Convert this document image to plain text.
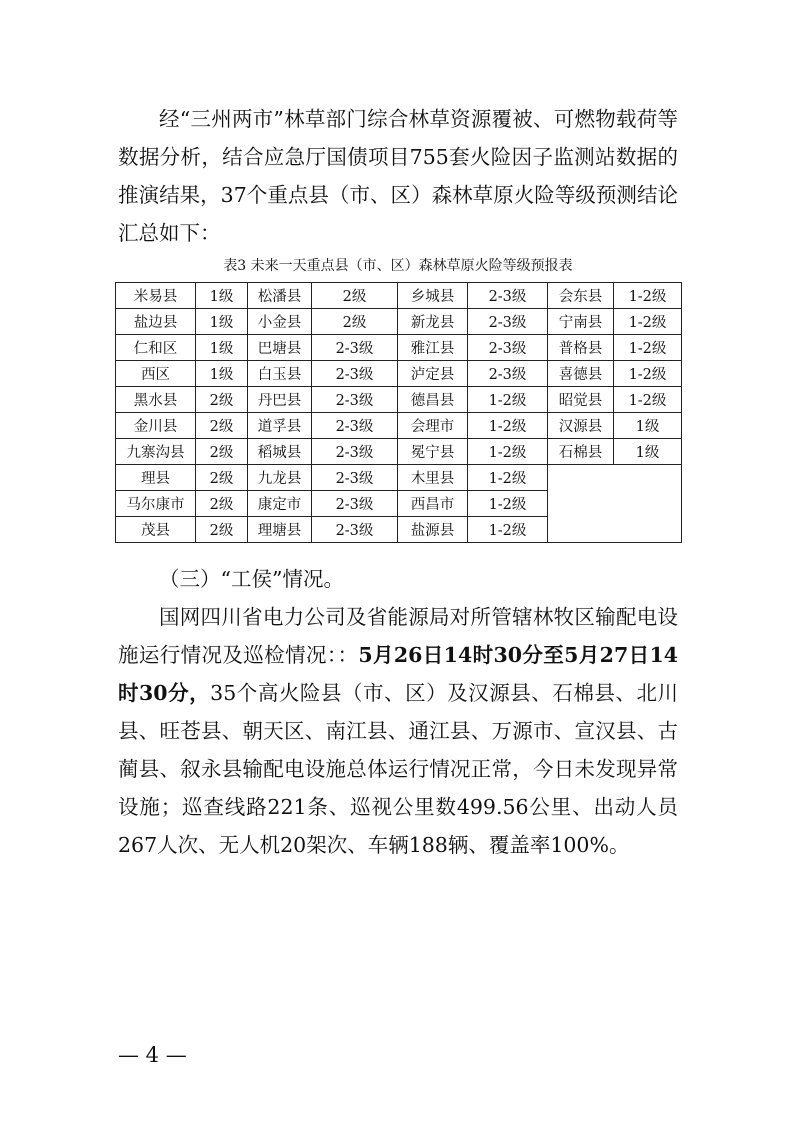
经“三州两市”林草部门综合林草资源覆被、可燃物载荷等数据分析，结合应急厅国债项目755套火险因子监测站数据的推演结果，37个重点县（市、区）森林草原火险等级预测结论汇总如下：
表3 未来一天重点县（市、区）森林草原火险等级预报表
米易县	1级	松潘县	2级	乡城县	2-3级	会东县	1-2级
盐边县	1级	小金县	2级	新龙县	2-3级	宁南县	1-2级
仁和区	1级	巴塘县	2-3级	雅江县	2-3级	普格县	1-2级
西区	1级	白玉县	2-3级	泸定县	2-3级	喜德县	1-2级
黑水县	2级	丹巴县	2-3级	德昌县	1-2级	昭觉县	1-2级
金川县	2级	道孚县	2-3级	会理市	1-2级	汉源县	1级
九寨沟县	2级	稻城县	2-3级	冕宁县	1-2级	石棉县	1级
理县	2级	九龙县	2-3级	木里县	1-2级		
马尔康市	2级	康定市	2-3级	西昌市	1-2级		
茂县	2级	理塘县	2-3级	盐源县	1-2级		
（三）“工侯”情况。
国网四川省电力公司及省能源局对所管辖林牧区输配电设施运行情况及巡检情况：：5月26日14时30分至5月27日14时30分，35个高火险县（市、区）及汉源县、石棉县、北川县、旺苍县、朝天区、南江县、通江县、万源市、宣汉县、古蔺县、叙永县输配电设施总体运行情况正常，今日未发现异常设施；巡查线路221条、巡视公里数499.56公里、出动人员267人次、无人机20架次、车辆188辆、覆盖率100%。
— 4 —
